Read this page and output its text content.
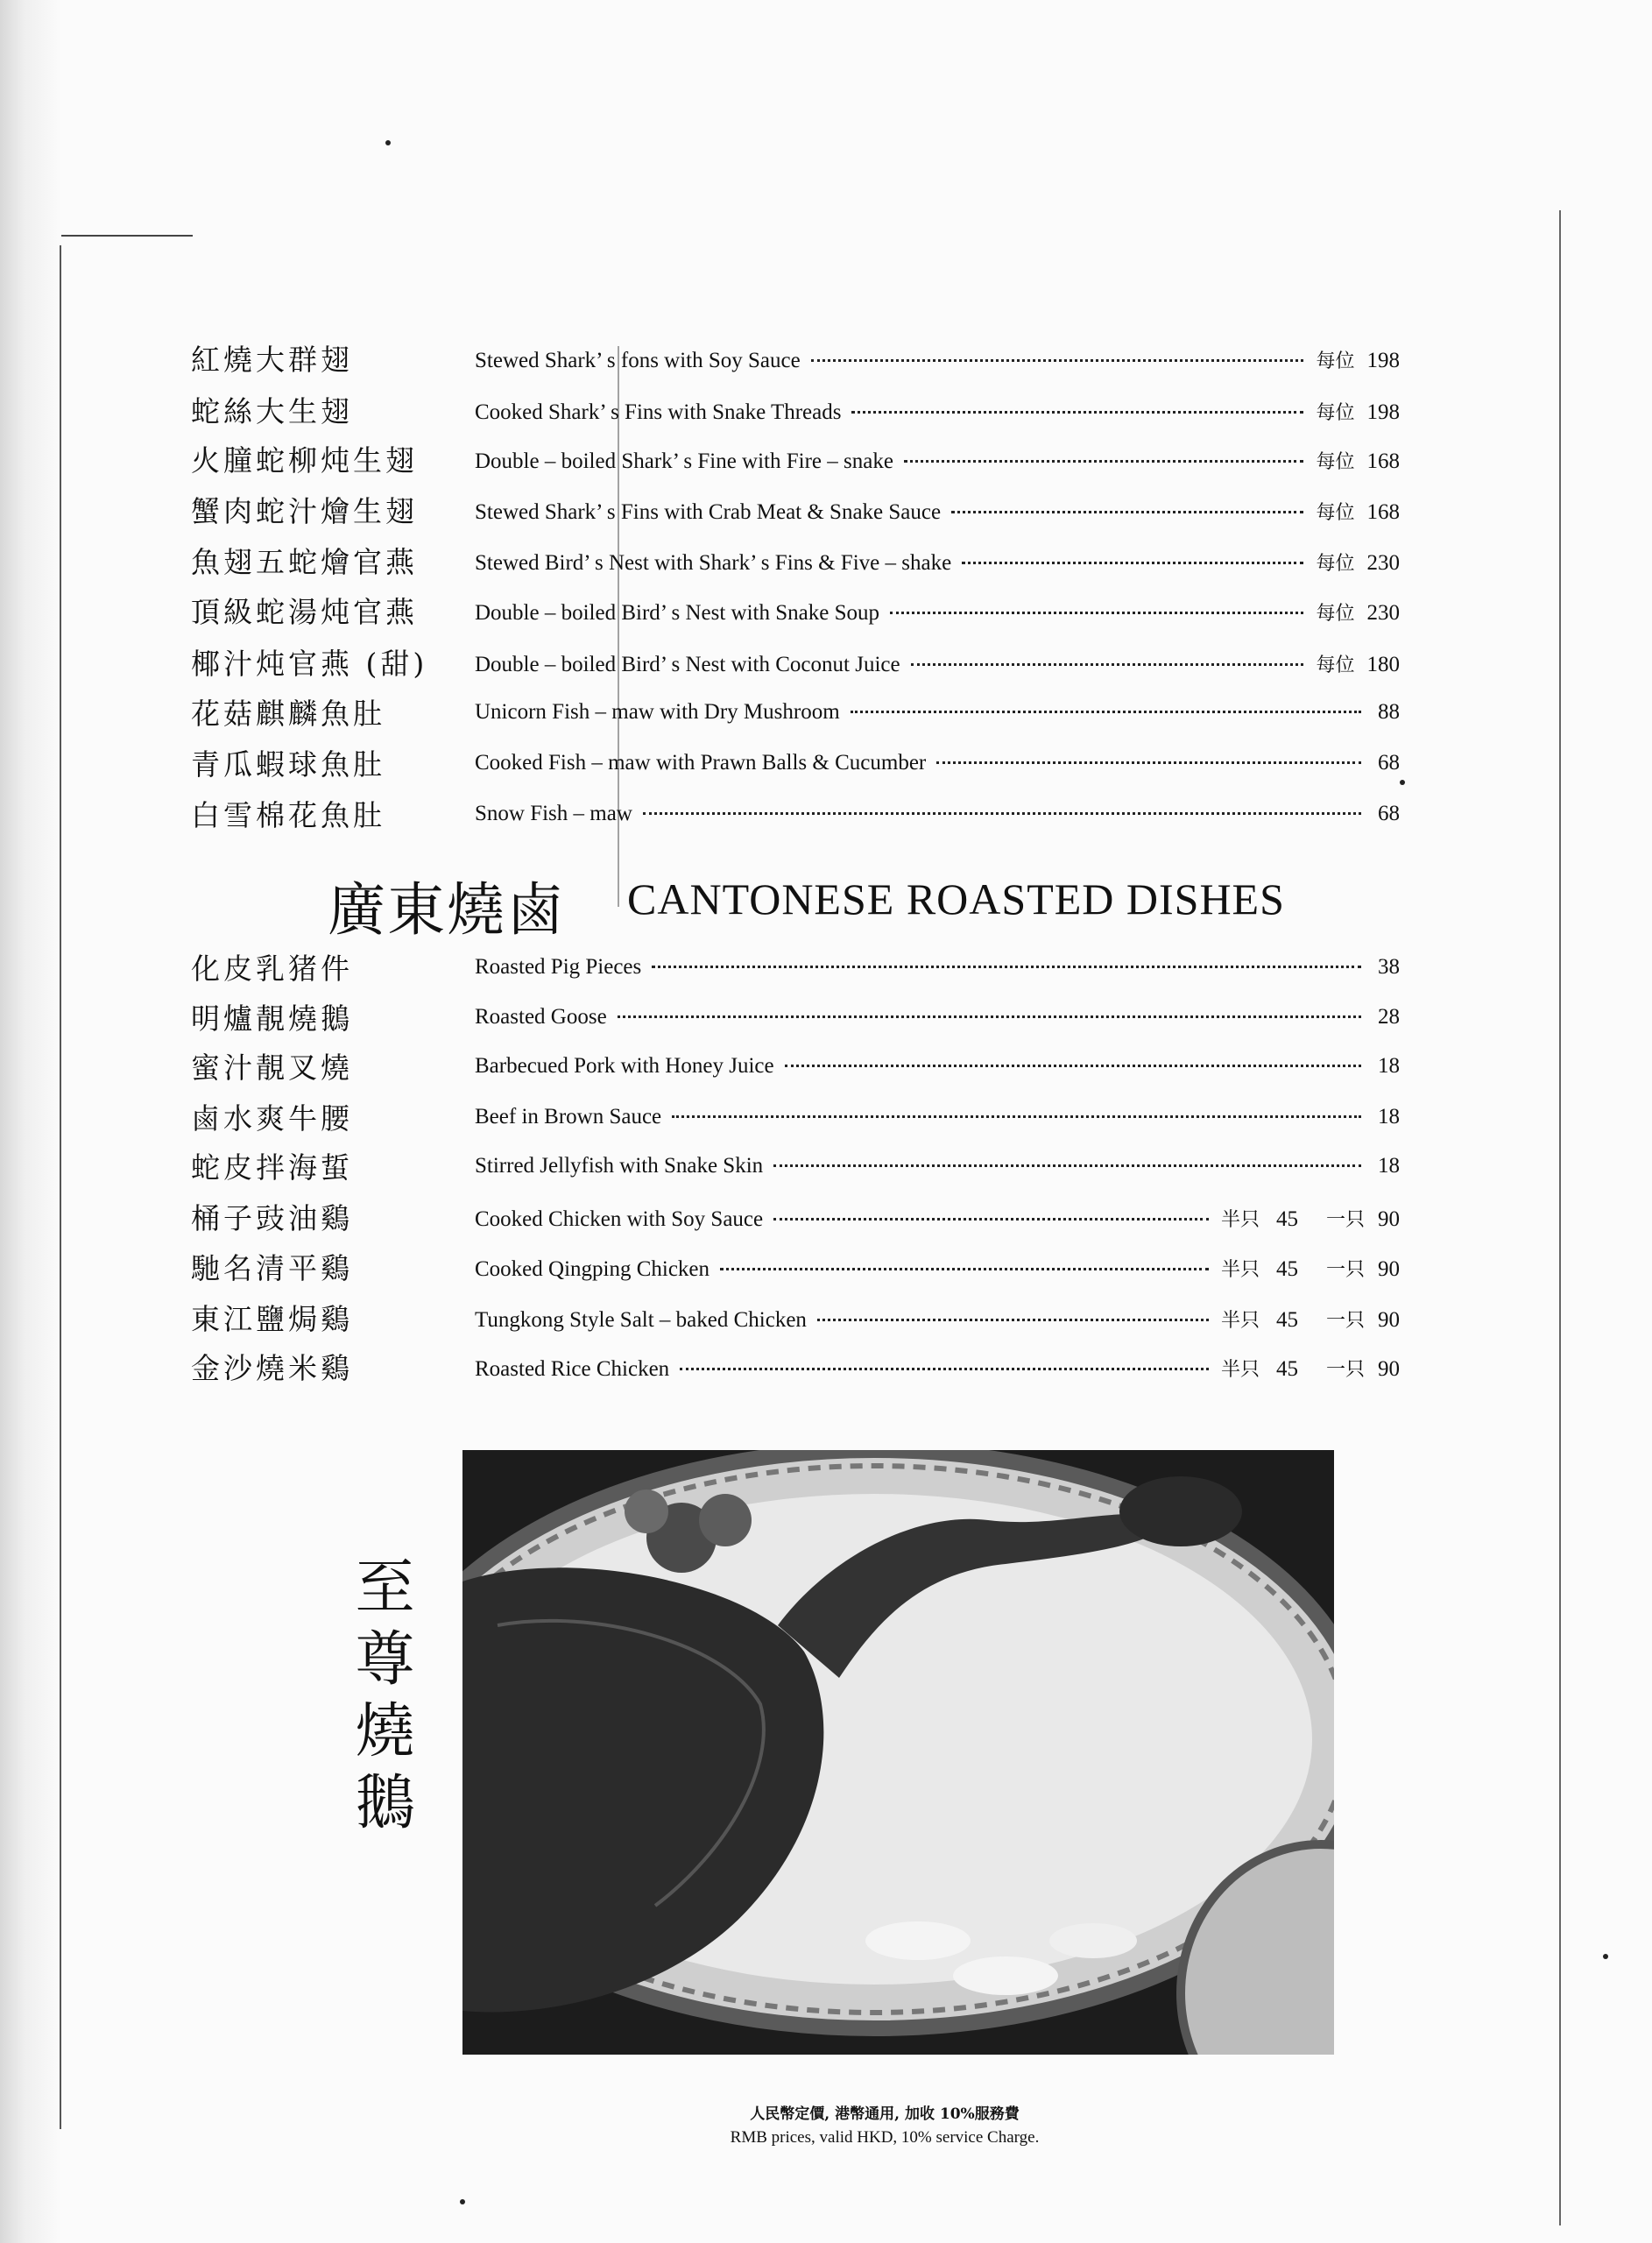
紅燒大群翅	Stewed Shark’ s fons with Soy Sauce	每位 198
蛇絲大生翅	Cooked Shark’ s Fins with Snake Threads	每位 198
火朣蛇柳炖生翅	Double – boiled Shark’ s Fine with Fire – snake	每位 168
蟹肉蛇汁燴生翅	Stewed Shark’ s Fins with Crab Meat & Snake Sauce	每位 168
魚翅五蛇燴官燕	Stewed Bird’ s Nest with Shark’ s Fins & Five – shake	每位 230
頂級蛇湯炖官燕	Double – boiled Bird’ s Nest with Snake Soup	每位 230
椰汁炖官燕 (甜)	Double – boiled Bird’ s Nest with Coconut Juice	每位 180
花菇麒麟魚肚	Unicorn Fish – maw with Dry Mushroom	88
青瓜蝦球魚肚	Cooked Fish – maw with Prawn Balls & Cucumber	68
白雪棉花魚肚	Snow Fish – maw	68
廣東燒鹵 CANTONESE ROASTED DISHES
化皮乳猪件	Roasted Pig Pieces	38
明爐靚燒鵝	Roasted Goose	28
蜜汁靚叉燒	Barbecued Pork with Honey Juice	18
鹵水爽牛腰	Beef in Brown Sauce	18
蛇皮拌海蜇	Stirred Jellyfish with Snake Skin	18
桶子豉油鷄	Cooked Chicken with Soy Sauce	半只 45 一只 90
馳名清平鷄	Cooked Qingping Chicken	半只 45 一只 90
東江鹽焗鷄	Tungkong Style Salt – baked Chicken	半只 45 一只 90
金沙燒米鷄	Roasted Rice Chicken	半只 45 一只 90
至尊燒鵝
人民幣定價, 港幣通用, 加收 10%服務費
RMB prices, valid HKD, 10% service Charge.
